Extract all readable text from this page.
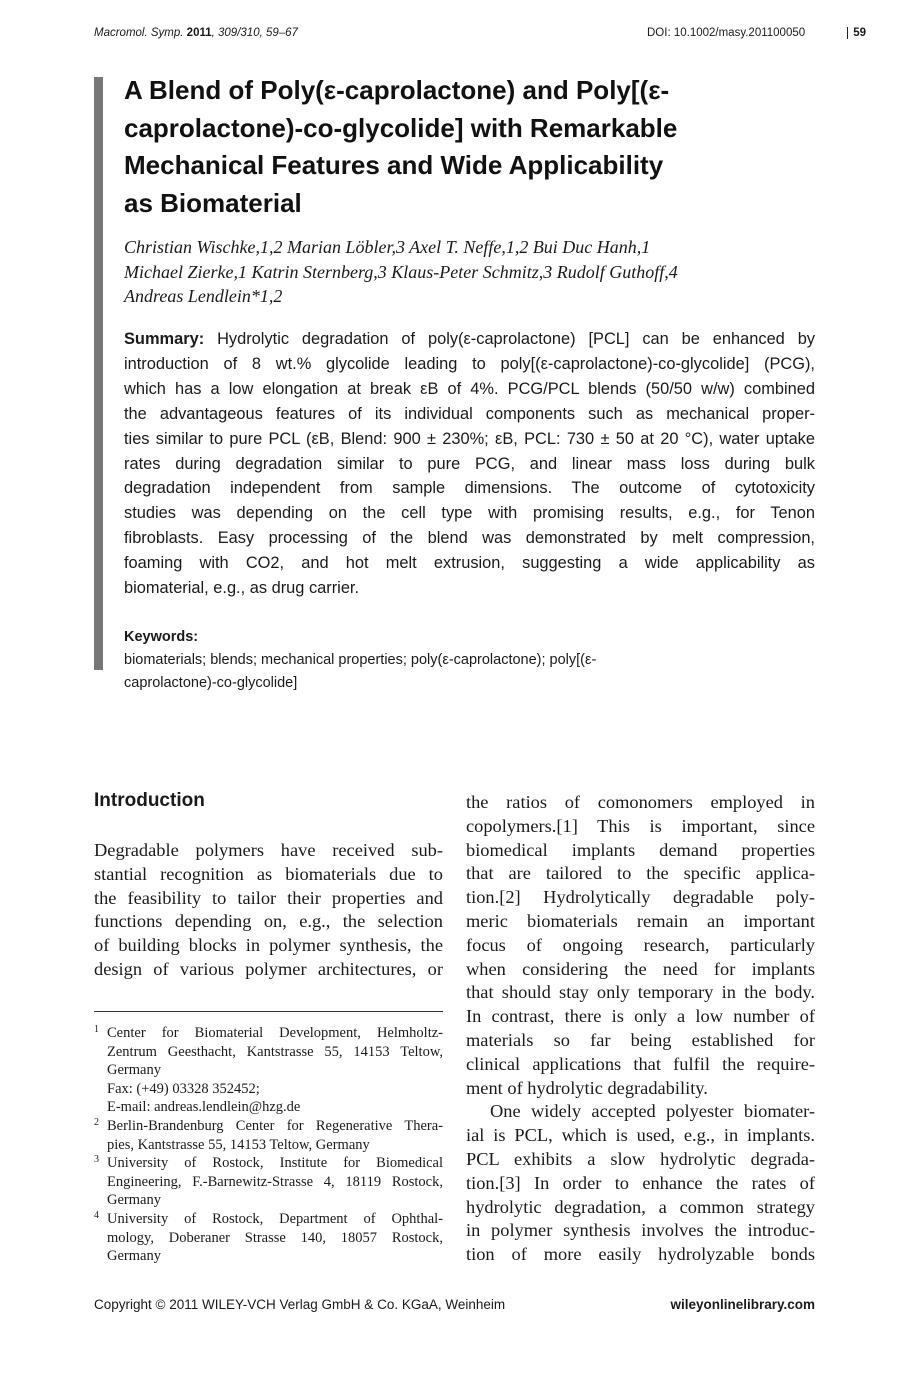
Macromol. Symp. 2011, 309/310, 59–67	DOI: 10.1002/masy.201100050	59
A Blend of Poly(ε-caprolactone) and Poly[(ε-
caprolactone)-co-glycolide] with Remarkable
Mechanical Features and Wide Applicability
as Biomaterial
Christian Wischke,1,2 Marian Löbler,3 Axel T. Neffe,1,2 Bui Duc Hanh,1
Michael Zierke,1 Katrin Sternberg,3 Klaus-Peter Schmitz,3 Rudolf Guthoff,4
Andreas Lendlein*1,2
Summary: Hydrolytic degradation of poly(ε-caprolactone) [PCL] can be enhanced by
introduction of 8 wt.% glycolide leading to poly[(ε-caprolactone)-co-glycolide] (PCG),
which has a low elongation at break εB of 4%. PCG/PCL blends (50/50 w/w) combined
the advantageous features of its individual components such as mechanical proper-
ties similar to pure PCL (εB, Blend: 900 ± 230%; εB, PCL: 730 ± 50 at 20 °C), water uptake
rates during degradation similar to pure PCG, and linear mass loss during bulk
degradation independent from sample dimensions. The outcome of cytotoxicity
studies was depending on the cell type with promising results, e.g., for Tenon
fibroblasts. Easy processing of the blend was demonstrated by melt compression,
foaming with CO2, and hot melt extrusion, suggesting a wide applicability as
biomaterial, e.g., as drug carrier.
Keywords:
biomaterials; blends; mechanical properties; poly(ε-caprolactone); poly[(ε-
caprolactone)-co-glycolide]
Introduction
Degradable polymers have received sub-
stantial recognition as biomaterials due to
the feasibility to tailor their properties and
functions depending on, e.g., the selection
of building blocks in polymer synthesis, the
design of various polymer architectures, or
1 Center for Biomaterial Development, Helmholtz-
Zentrum Geesthacht, Kantstrasse 55, 14153 Teltow,
Germany
Fax: (+49) 03328 352452;
E-mail: andreas.lendlein@hzg.de
2 Berlin-Brandenburg Center for Regenerative Thera-
pies, Kantstrasse 55, 14153 Teltow, Germany
3 University of Rostock, Institute for Biomedical
Engineering, F.-Barnewitz-Strasse 4, 18119 Rostock,
Germany
4 University of Rostock, Department of Ophthal-
mology, Doberaner Strasse 140, 18057 Rostock,
Germany
the ratios of comonomers employed in
copolymers.[1] This is important, since
biomedical implants demand properties
that are tailored to the specific applica-
tion.[2] Hydrolytically degradable poly-
meric biomaterials remain an important
focus of ongoing research, particularly
when considering the need for implants
that should stay only temporary in the body.
In contrast, there is only a low number of
materials so far being established for
clinical applications that fulfil the require-
ment of hydrolytic degradability.
One widely accepted polyester biomater-
ial is PCL, which is used, e.g., in implants.
PCL exhibits a slow hydrolytic degrada-
tion.[3] In order to enhance the rates of
hydrolytic degradation, a common strategy
in polymer synthesis involves the introduc-
tion of more easily hydrolyzable bonds
Copyright © 2011 WILEY-VCH Verlag GmbH & Co. KGaA, Weinheim	wileyonlinelibrary.com
